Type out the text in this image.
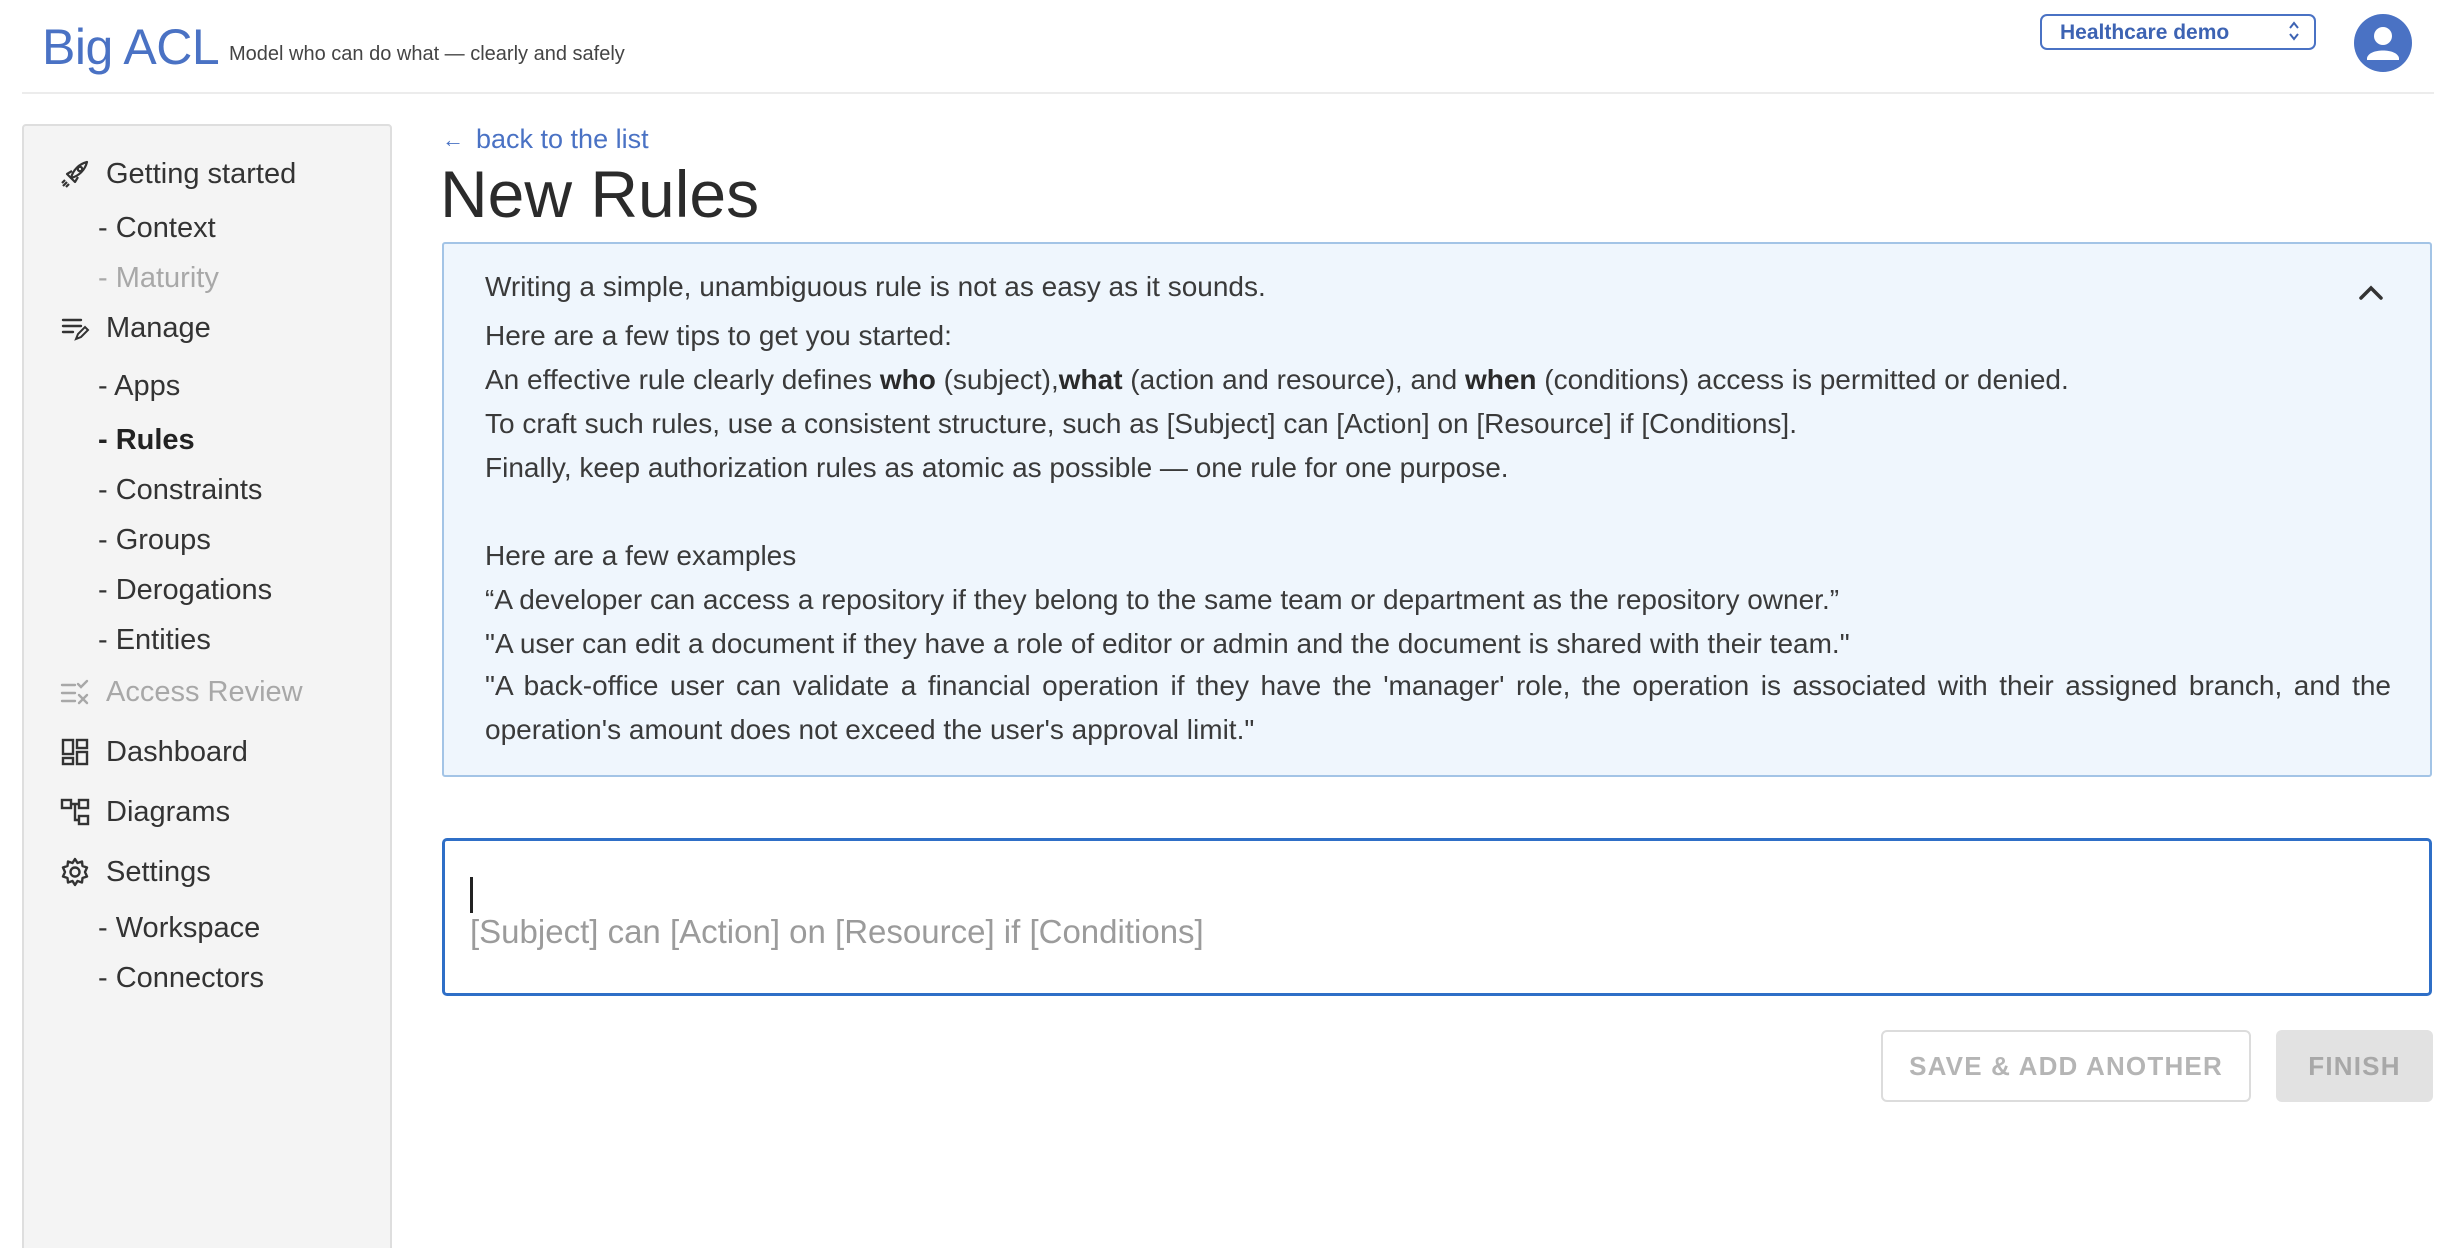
Big ACL Model who can do what — clearly and safely
Healthcare demo
Getting started
- Context
- Maturity
Manage
- Apps
- Rules
- Constraints
- Groups
- Derogations
- Entities
Access Review
Dashboard
Diagrams
Settings
- Workspace
- Connectors
← back to the list
New Rules
Writing a simple, unambiguous rule is not as easy as it sounds.
Here are a few tips to get you started:
An effective rule clearly defines who (subject),what (action and resource), and when (conditions) access is permitted or denied.
To craft such rules, use a consistent structure, such as [Subject] can [Action] on [Resource] if [Conditions].
Finally, keep authorization rules as atomic as possible — one rule for one purpose.
Here are a few examples
“A developer can access a repository if they belong to the same team or department as the repository owner.”
"A user can edit a document if they have a role of editor or admin and the document is shared with their team."
"A back-office user can validate a financial operation if they have the 'manager' role, the operation is associated with their assigned branch, and the operation's amount does not exceed the user's approval limit."
[Subject] can [Action] on [Resource] if [Conditions]
SAVE & ADD ANOTHER	FINISH
